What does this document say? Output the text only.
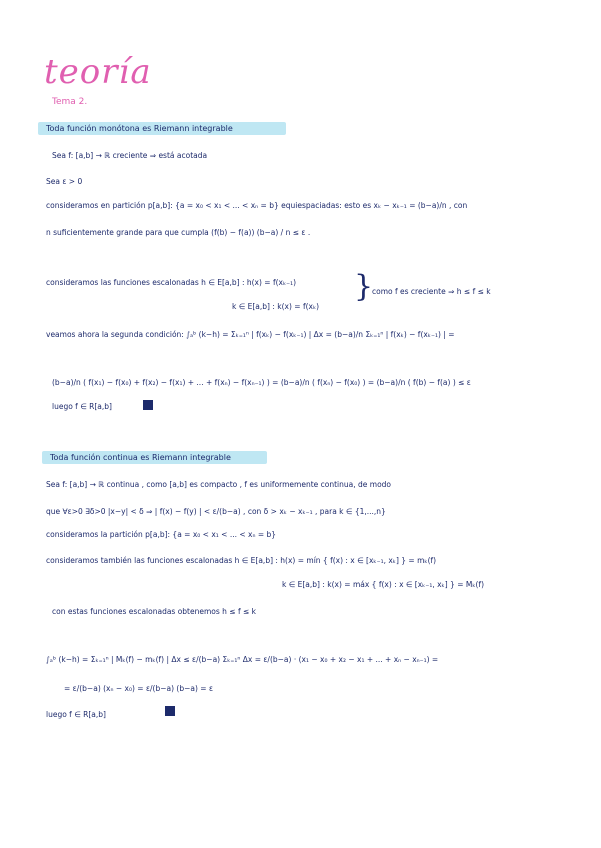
teoría
Tema 2.
Toda función monótona es Riemann integrable
Sea f: [a,b] → ℝ creciente ⇒ está acotada
Sea ε > 0
consideramos en partición p[a,b]: {a = x₀ < x₁ < ... < xₙ = b} equiespaciadas: esto es xₖ − xₖ₋₁ = (b−a)/n , con
n suficientemente grande para que cumpla (f(b) − f(a)) (b−a) / n ≤ ε .
consideramos las funciones escalonadas h ∈ E[a,b] : h(x) = f(xₖ₋₁)
k ∈ E[a,b] : k(x) = f(xₖ)
}
como f es creciente ⇒ h ≤ f ≤ k
veamos ahora la segunda condición: ∫ₐᵇ (k−h) = Σₖ₌₁ⁿ | f(xₖ) − f(xₖ₋₁) | Δx = (b−a)/n Σₖ₌₁ⁿ | f(xₖ) − f(xₖ₋₁) | =
(b−a)/n ( f(x₁) − f(x₀) + f(x₂) − f(x₁) + ... + f(xₙ) − f(xₙ₋₁) ) = (b−a)/n ( f(xₙ) − f(x₀) ) = (b−a)/n ( f(b) − f(a) ) ≤ ε
luego f ∈ R[a,b]
Toda función continua es Riemann integrable
Sea f: [a,b] → ℝ continua , como [a,b] es compacto , f es uniformemente continua, de modo
que ∀ε>0 ∃δ>0 |x−y| < δ ⇒ | f(x) − f(y) | < ε/(b−a) , con δ > xₖ − xₖ₋₁ , para k ∈ {1,...,n}
consideramos la partición p[a,b]: {a = x₀ < x₁ < ... < xₙ = b}
consideramos también las funciones escalonadas h ∈ E[a,b] : h(x) = mín { f(x) : x ∈ [xₖ₋₁, xₖ] } = mₖ(f)
k ∈ E[a,b] : k(x) = máx { f(x) : x ∈ [xₖ₋₁, xₖ] } = Mₖ(f)
con estas funciones escalonadas obtenemos h ≤ f ≤ k
∫ₐᵇ (k−h) = Σₖ₌₁ⁿ | Mₖ(f) − mₖ(f) | Δx ≤ ε/(b−a) Σₖ₌₁ⁿ Δx = ε/(b−a) · (x₁ − x₀ + x₂ − x₁ + ... + xₙ − xₙ₋₁) =
= ε/(b−a) (xₙ − x₀) = ε/(b−a) (b−a) = ε
luego f ∈ R[a,b]
